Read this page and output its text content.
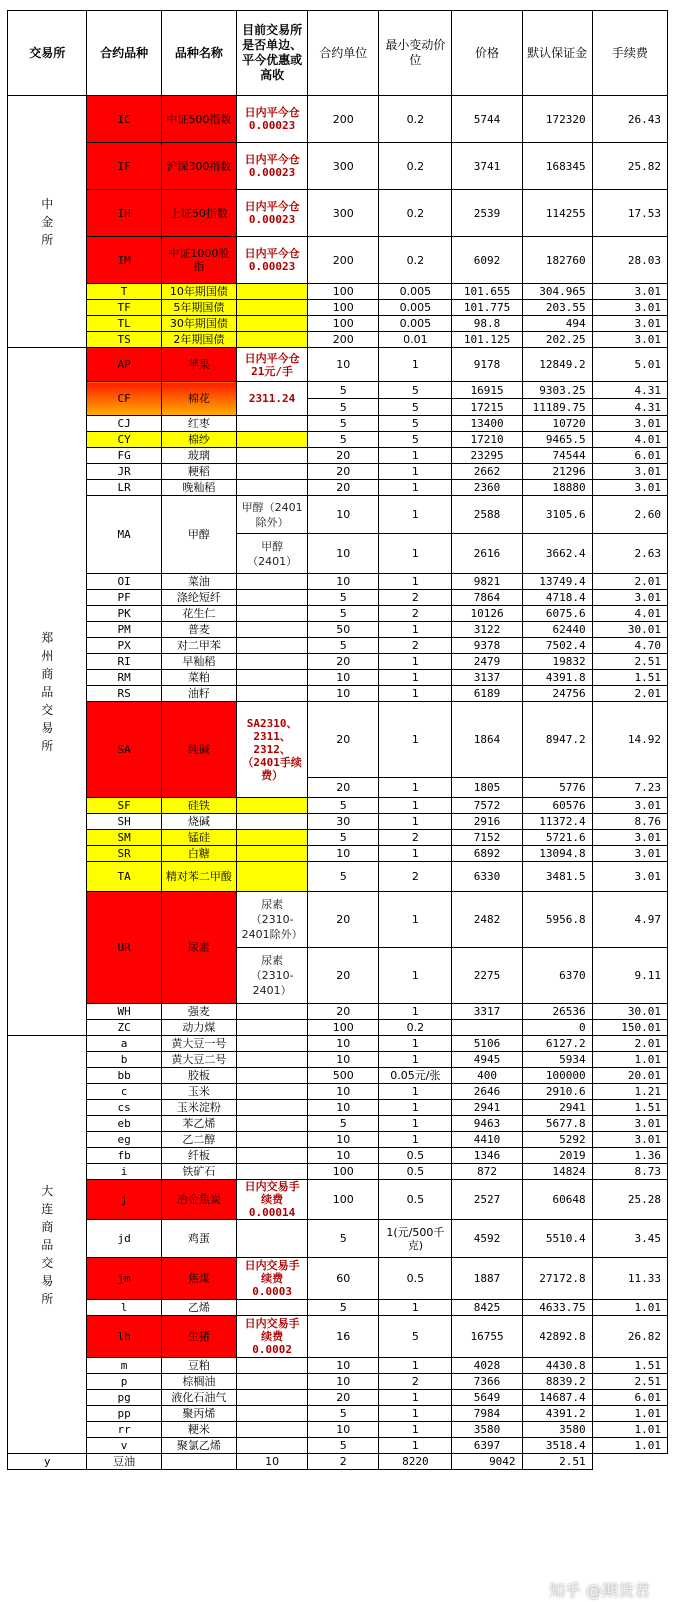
交易所	合约品种	品种名称	目前交易所是否单边、平今优惠或高收	合约单位	最小变动价位	价格	默认保证金	手续费
中金所	IC	中证500指数	日内平今仓 0.00023	200	0.2	5744	172320	26.43
	IF	沪深300指数	日内平今仓 0.00023	300	0.2	3741	168345	25.82
	IH	上证50指数	日内平今仓 0.00023	300	0.2	2539	114255	17.53
	IM	中证1000股指	日内平今仓 0.00023	200	0.2	6092	182760	28.03
	T	10年期国债		100	0.005	101.655	304.965	3.01
	TF	5年期国债		100	0.005	101.775	203.55	3.01
	TL	30年期国债		100	0.005	98.8	494	3.01
	TS	2年期国债		200	0.01	101.125	202.25	3.01
郑州商品交易所	AP	苹果	日内平今仓21元/手	10	1	9178	12849.2	5.01
	CF	棉花	2311.24	5	5	16915	9303.25	4.31
				5	5	17215	11189.75	4.31
	CJ	红枣		5	5	13400	10720	3.01
	CY	棉纱		5	5	17210	9465.5	4.01
	FG	玻璃		20	1	23295	74544	6.01
	JR	粳稻		20	1	2662	21296	3.01
	LR	晚籼稻		20	1	2360	18880	3.01
	MA	甲醇	甲醇（2401除外）	10	1	2588	3105.6	2.60
			甲醇（2401）	10	1	2616	3662.4	2.63
	OI	菜油		10	1	9821	13749.4	2.01
	PF	涤纶短纤		5	2	7864	4718.4	3.01
	PK	花生仁		5	2	10126	6075.6	4.01
	PM	普麦		50	1	3122	62440	30.01
	PX	对二甲苯		5	2	9378	7502.4	4.70
	RI	早籼稻		20	1	2479	19832	2.51
	RM	菜粕		10	1	3137	4391.8	1.51
	RS	油籽		10	1	6189	24756	2.01
	SA	纯碱	SA2310、2311、2312、（2401手续费）	20	1	1864	8947.2	14.92
				20	1	1805	5776	7.23
	SF	硅铁		5	1	7572	60576	3.01
	SH	烧碱		30	1	2916	11372.4	8.76
	SM	锰硅		5	2	7152	5721.6	3.01
	SR	白糖		10	1	6892	13094.8	3.01
	TA	精对苯二甲酸		5	2	6330	3481.5	3.01
	UR	尿素	尿素（2310-2401除外）	20	1	2482	5956.8	4.97
			尿素（2310-2401）	20	1	2275	6370	9.11
	WH	强麦		20	1	3317	26536	30.01
	ZC	动力煤		100	0.2		0	150.01
大连商品交易所	a	黄大豆一号		10	1	5106	6127.2	2.01
	b	黄大豆二号		10	1	4945	5934	1.01
	bb	胶板		500	0.05元/张	400	100000	20.01
	c	玉米		10	1	2646	2910.6	1.21
	cs	玉米淀粉		10	1	2941	2941	1.51
	eb	苯乙烯		5	1	9463	5677.8	3.01
	eg	乙二醇		10	1	4410	5292	3.01
	fb	纤板		10	0.5	1346	2019	1.36
	i	铁矿石		100	0.5	872	14824	8.73
	j	冶金焦炭	日内交易手续费 0.00014	100	0.5	2527	60648	25.28
	jd	鸡蛋		5	1(元/500千克)	4592	5510.4	3.45
	jm	焦煤	日内交易手续费 0.0003	60	0.5	1887	27172.8	11.33
	l	乙烯		5	1	8425	4633.75	1.01
	lh	生猪	日内交易手续费 0.0002	16	5	16755	42892.8	26.82
	m	豆粕		10	1	4028	4430.8	1.51
	p	棕榈油		10	2	7366	8839.2	2.51
	pg	液化石油气		20	1	5649	14687.4	6.01
	pp	聚丙烯		5	1	7984	4391.2	1.01
	rr	粳米		10	1	3580	3580	1.01
	v	聚氯乙烯		5	1	6397	3518.4	1.01
y	豆油		10	2	8220	9042	2.51	
知乎 @期货君
